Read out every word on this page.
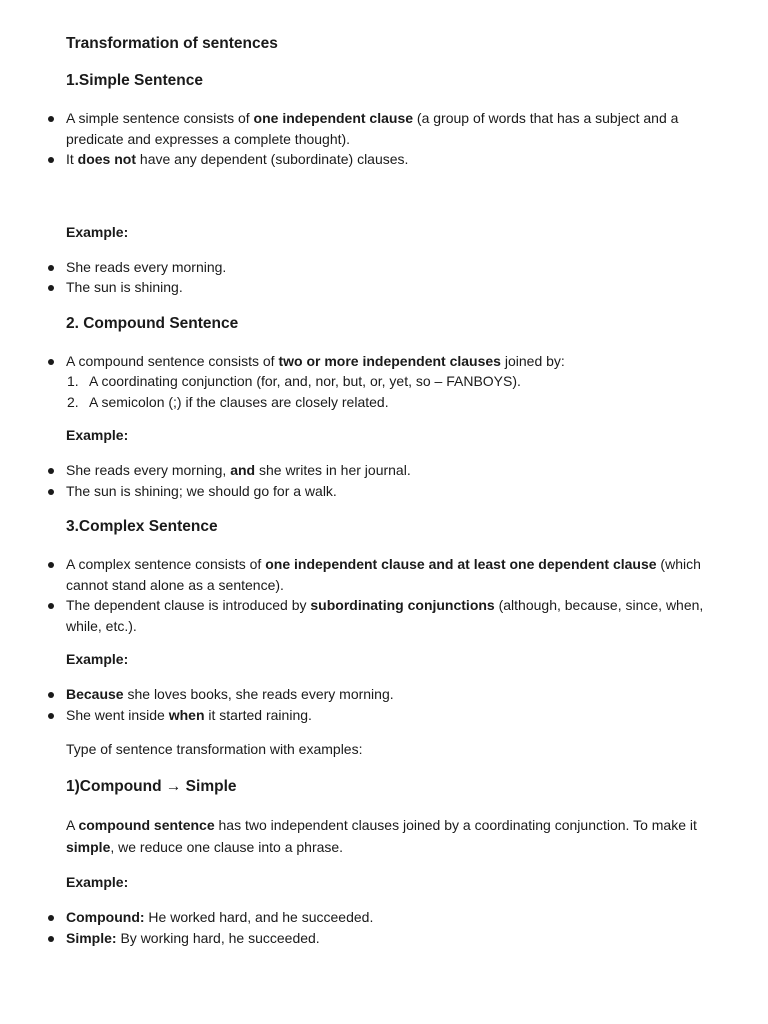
Transformation of sentences
1.Simple Sentence
A simple sentence consists of one independent clause (a group of words that has a subject and a predicate and expresses a complete thought).
It does not have any dependent (subordinate) clauses.
Example:
She reads every morning.
The sun is shining.
2. Compound Sentence
A compound sentence consists of two or more independent clauses joined by:
1. A coordinating conjunction (for, and, nor, but, or, yet, so – FANBOYS).
2. A semicolon (;) if the clauses are closely related.
Example:
She reads every morning, and she writes in her journal.
The sun is shining; we should go for a walk.
3.Complex Sentence
A complex sentence consists of one independent clause and at least one dependent clause (which cannot stand alone as a sentence).
The dependent clause is introduced by subordinating conjunctions (although, because, since, when, while, etc.).
Example:
Because she loves books, she reads every morning.
She went inside when it started raining.

Type of sentence transformation with examples:

1)Compound → Simple

A compound sentence has two independent clauses joined by a coordinating conjunction. To make it simple, we reduce one clause into a phrase.

Example:
Compound: He worked hard, and he succeeded.
Simple: By working hard, he succeeded.
